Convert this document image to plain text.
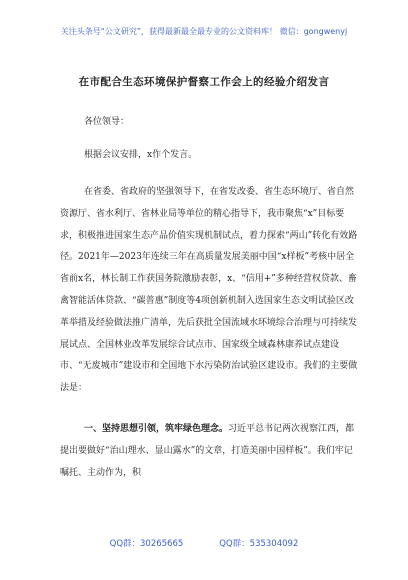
关注头条号“公文研究”，获得最新最全最专业的公文资料库！ 微信：gongwenyj
在市配合生态环境保护督察工作会上的经验介绍发言
各位领导：
根据会议安排，x作个发言。
在省委、省政府的坚强领导下，在省发改委、省生态环境厅、省自然资源厅、省水利厅、省林业局等单位的精心指导下，我市聚焦“x”目标要求，积极推进国家生态产品价值实现机制试点，着力探索“两山”转化有效路径。2021年—2023年连续三年在高质量发展美丽中国“x样板”考核中居全省前x名，林长制工作获国务院激励表彰，x、“信用+”多种经营权贷款、畜禽智能活体贷款、“碳普惠”制度等4项创新机制入选国家生态文明试验区改革举措及经验做法推广清单，先后获批全国流域水环境综合治理与可持续发展试点、全国林业改革发展综合试点市、国家级全域森林康养试点建设市、“无废城市”建设市和全国地下水污染防治试验区建设市。我们的主要做法是：
一、坚持思想引领，筑牢绿色理念。习近平总书记两次视察江西，都提出要做好“治山理水、显山露水”的文章，打造美丽中国样板”。我们牢记嘱托、主动作为，积
QQ群：30265665	QQ群：535304092
